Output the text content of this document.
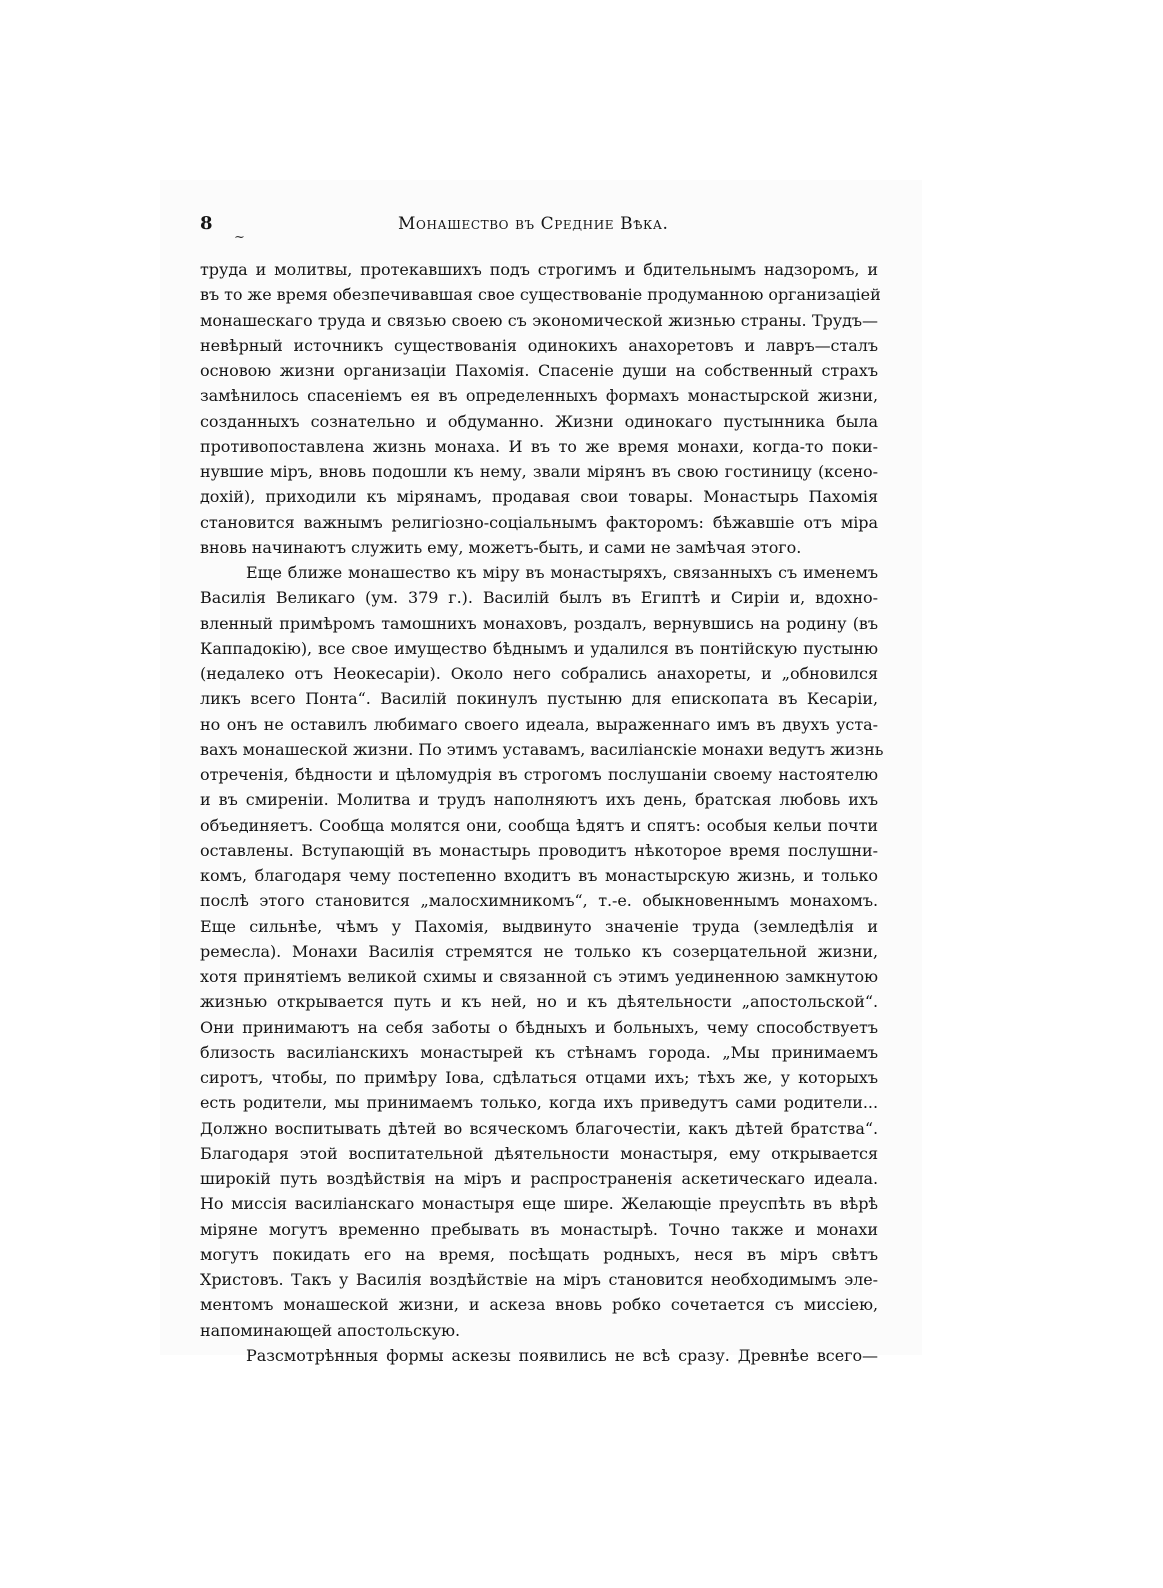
8	Монашество въ Средние Вѣка.
~
труда и молитвы, протекавшихъ подъ строгимъ и бдительнымъ надзоромъ, и
въ то же время обезпечивавшая свое существованіе продуманною организаціей
монашескаго труда и связью своею съ экономической жизнью страны. Трудъ—
невѣрный источникъ существованія одинокихъ анахоретовъ и лавръ—сталъ
основою жизни организаціи Пахомія. Спасеніе души на собственный страхъ
замѣнилось спасеніемъ ея въ определенныхъ формахъ монастырской жизни,
созданныхъ сознательно и обдуманно. Жизни одинокаго пустынника была
противопоставлена жизнь монаха. И въ то же время монахи, когда-то поки-
нувшие міръ, вновь подошли къ нему, звали мірянъ въ свою гостиницу (ксено-
дохій), приходили къ мірянамъ, продавая свои товары. Монастырь Пахомія
становится важнымъ религіозно-соціальнымъ факторомъ: бѣжавшіе отъ міра
вновь начинаютъ служить ему, можетъ-быть, и сами не замѣчая этого.
Еще ближе монашество къ міру въ монастыряхъ, связанныхъ съ именемъ
Василія Великаго (ум. 379 г.). Василій былъ въ Египтѣ и Сиріи и, вдохно-
вленный примѣромъ тамошнихъ монаховъ, роздалъ, вернувшись на родину (въ
Каппадокію), все свое имущество бѣднымъ и удалился въ понтійскую пустыню
(недалеко отъ Неокесаріи). Около него собрались анахореты, и „обновился
ликъ всего Понта“. Василій покинулъ пустыню для епископата въ Кесаріи,
но онъ не оставилъ любимаго своего идеала, выраженнаго имъ въ двухъ уста-
вахъ монашеской жизни. По этимъ уставамъ, василіанскіе монахи ведутъ жизнь
отреченія, бѣдности и цѣломудрія въ строгомъ послушаніи своему настоятелю
и въ смиреніи. Молитва и трудъ наполняютъ ихъ день, братская любовь ихъ
объединяетъ. Сообща молятся они, сообща ѣдятъ и спятъ: особыя кельи почти
оставлены. Вступающій въ монастырь проводитъ нѣкоторое время послушни-
комъ, благодаря чему постепенно входитъ въ монастырскую жизнь, и только
послѣ этого становится „малосхимникомъ“, т.-е. обыкновеннымъ монахомъ.
Еще сильнѣе, чѣмъ у Пахомія, выдвинуто значеніе труда (земледѣлія и
ремесла). Монахи Василія стремятся не только къ созерцательной жизни,
хотя принятіемъ великой схимы и связанной съ этимъ уединенною замкнутою
жизнью открывается путь и къ ней, но и къ дѣятельности „апостольской“.
Они принимаютъ на себя заботы о бѣдныхъ и больныхъ, чему способствуетъ
близость василіанскихъ монастырей къ стѣнамъ города. „Мы принимаемъ
сиротъ, чтобы, по примѣру Іова, сдѣлаться отцами ихъ; тѣхъ же, у которыхъ
есть родители, мы принимаемъ только, когда ихъ приведутъ сами родители...
Должно воспитывать дѣтей во всяческомъ благочестіи, какъ дѣтей братства“.
Благодаря этой воспитательной дѣятельности монастыря, ему открывается
широкій путь воздѣйствія на міръ и распространенія аскетическаго идеала.
Но миссія василіанскаго монастыря еще шире. Желающіе преуспѣть въ вѣрѣ
міряне могутъ временно пребывать въ монастырѣ. Точно также и монахи
могутъ покидать его на время, посѣщать родныхъ, неся въ міръ свѣтъ
Христовъ. Такъ у Василія воздѣйствіе на міръ становится необходимымъ эле-
ментомъ монашеской жизни, и аскеза вновь робко сочетается съ миссіею,
напоминающей апостольскую.
Разсмотрѣнныя формы аскезы появились не всѣ сразу. Древнѣе всего—
